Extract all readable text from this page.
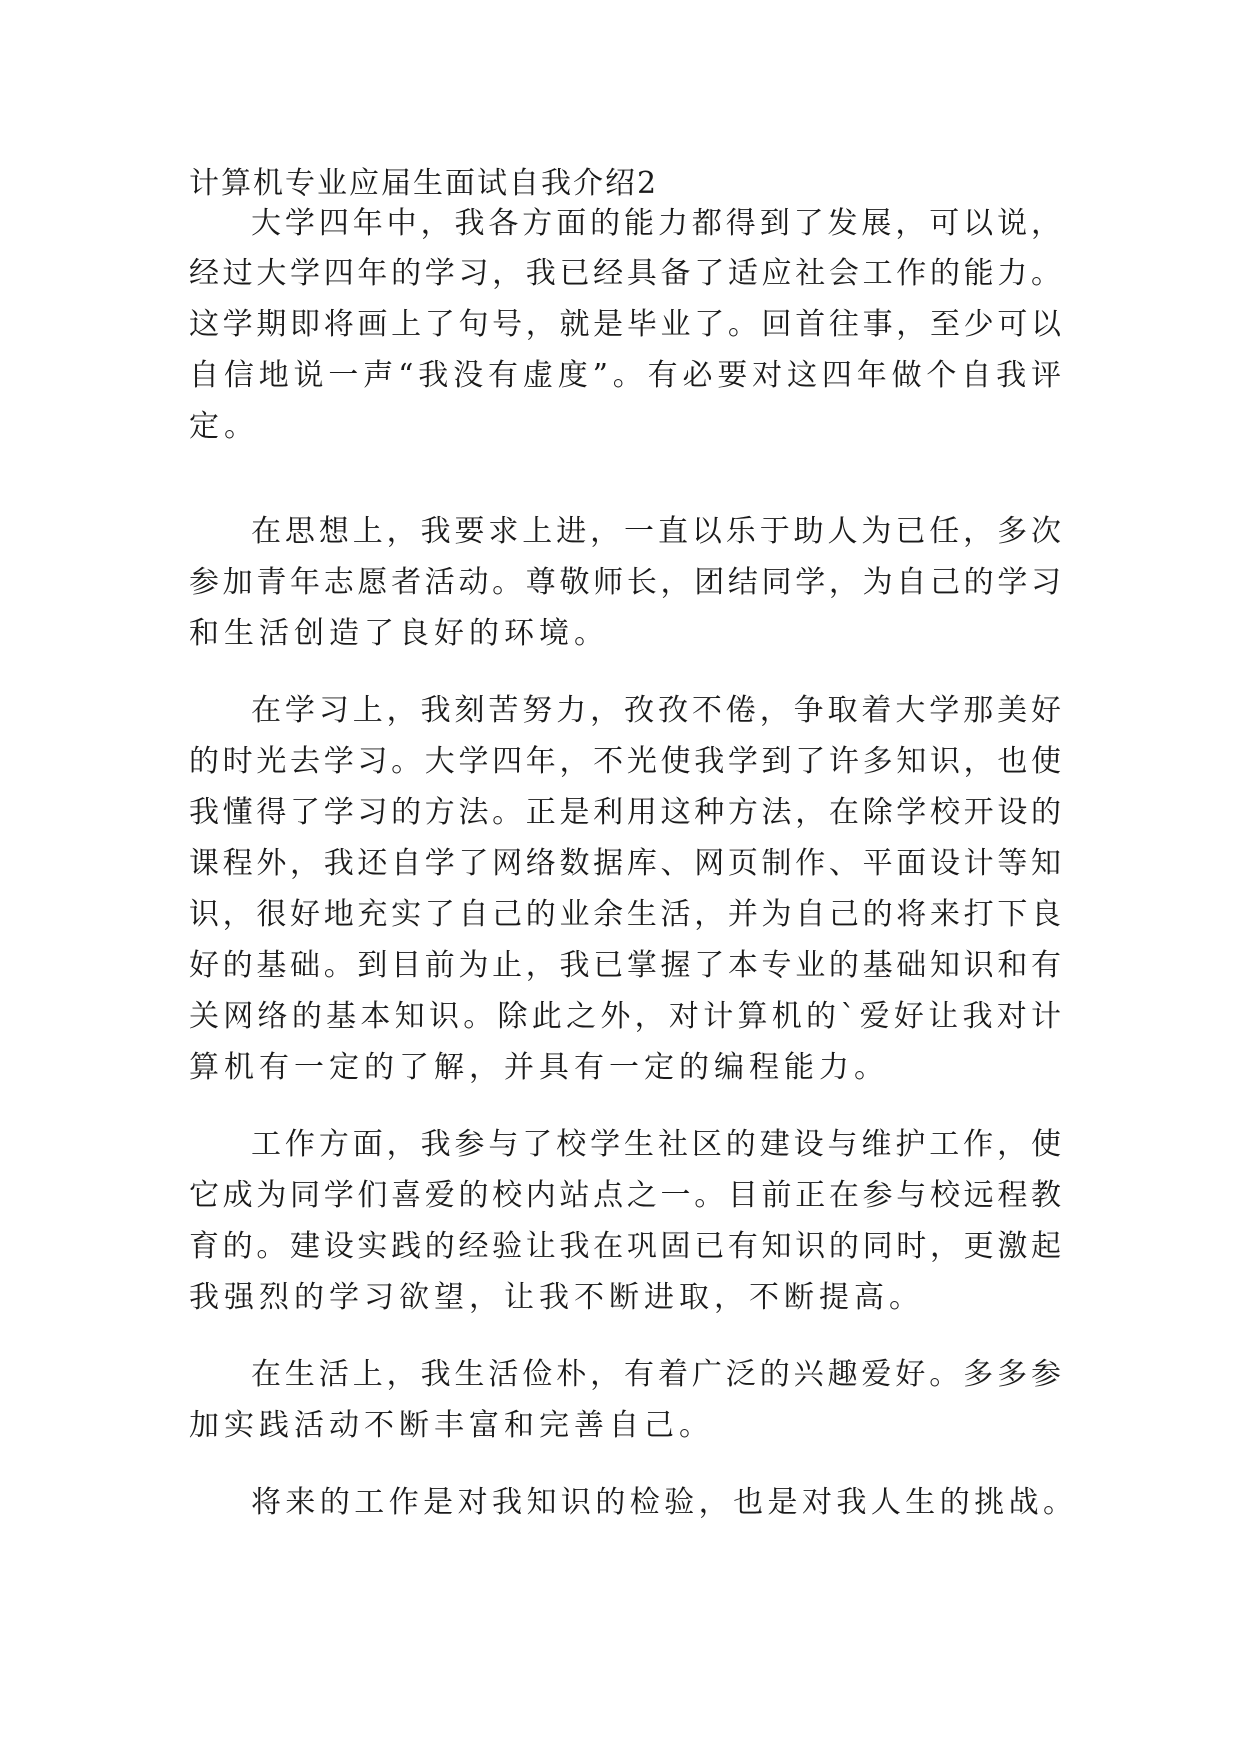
计算机专业应届生面试自我介绍2
大学四年中，我各方面的能力都得到了发展，可以说，
经过大学四年的学习，我已经具备了适应社会工作的能力。
这学期即将画上了句号，就是毕业了。回首往事，至少可以
自信地说一声“我没有虚度”。有必要对这四年做个自我评
定。
在思想上，我要求上进，一直以乐于助人为已任，多次
参加青年志愿者活动。尊敬师长，团结同学，为自己的学习
和生活创造了良好的环境。
在学习上，我刻苦努力，孜孜不倦，争取着大学那美好
的时光去学习。大学四年，不光使我学到了许多知识，也使
我懂得了学习的方法。正是利用这种方法，在除学校开设的
课程外，我还自学了网络数据库、网页制作、平面设计等知
识，很好地充实了自己的业余生活，并为自己的将来打下良
好的基础。到目前为止，我已掌握了本专业的基础知识和有
关网络的基本知识。除此之外，对计算机的`爱好让我对计
算机有一定的了解，并具有一定的编程能力。
工作方面，我参与了校学生社区的建设与维护工作，使
它成为同学们喜爱的校内站点之一。目前正在参与校远程教
育的。建设实践的经验让我在巩固已有知识的同时，更激起
我强烈的学习欲望，让我不断进取，不断提高。
在生活上，我生活俭朴，有着广泛的兴趣爱好。多多参
加实践活动不断丰富和完善自己。
将来的工作是对我知识的检验，也是对我人生的挑战。
